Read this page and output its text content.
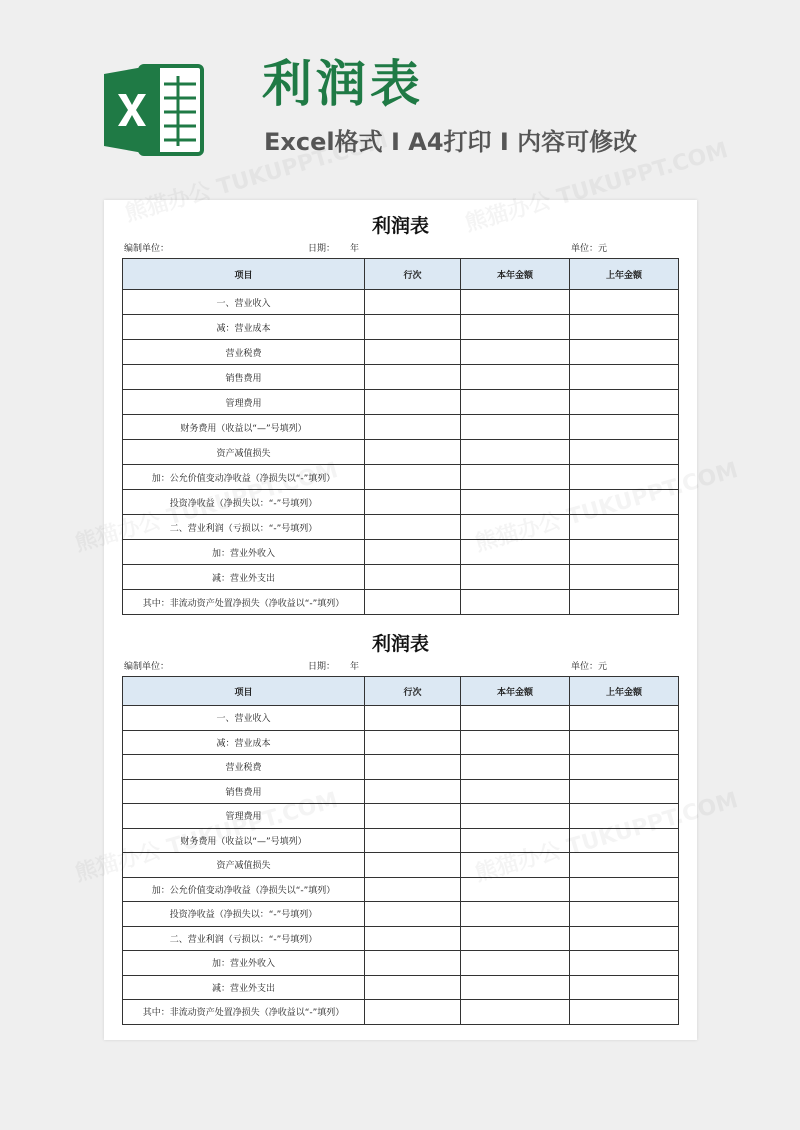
利润表
Excel格式 I A4打印 I 内容可修改
利润表
编制单位：	日期： 年	单位：元
项目	行次	本年金额	上年金额
一、营业收入			
减：营业成本			
营业税费			
销售费用			
管理费用			
财务费用（收益以“—”号填列）			
资产减值损失			
加：公允价值变动净收益（净损失以“-”填列）			
投资净收益（净损失以：“-”号填列）			
二、营业利润（亏损以：“-”号填列）			
加：营业外收入			
减：营业外支出			
其中：非流动资产处置净损失（净收益以“-”填列）			
利润表
编制单位：	日期： 年	单位：元
项目	行次	本年金额	上年金额
一、营业收入			
减：营业成本			
营业税费			
销售费用			
管理费用			
财务费用（收益以“—”号填列）			
资产减值损失			
加：公允价值变动净收益（净损失以“-”填列）			
投资净收益（净损失以：“-”号填列）			
二、营业利润（亏损以：“-”号填列）			
加：营业外收入			
减：营业外支出			
其中：非流动资产处置净损失（净收益以“-”填列）			
